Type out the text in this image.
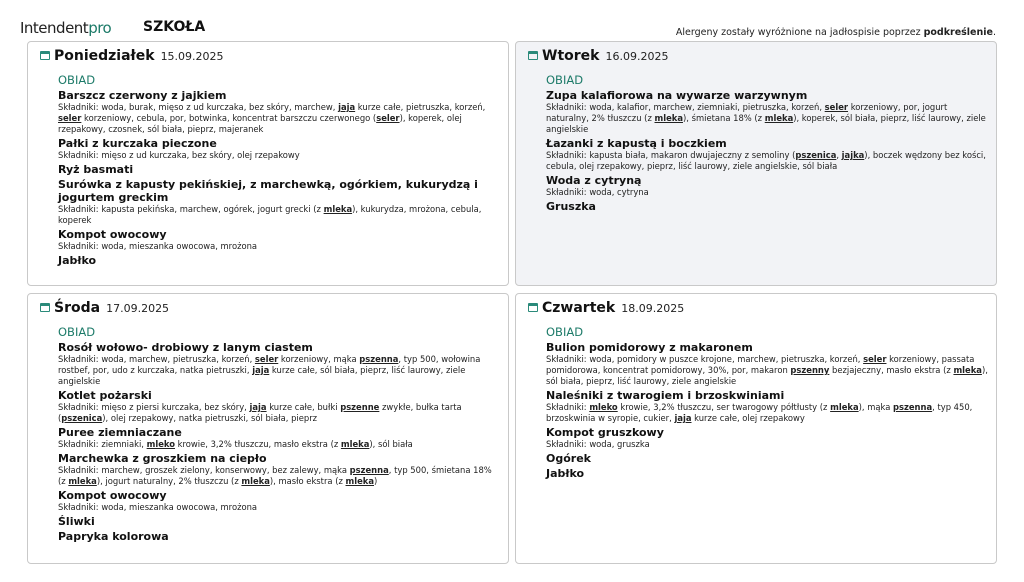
Intendentpro SZKOŁA	Alergeny zostały wyróżnione na jadłospisie poprzez podkreślenie.
Poniedziałek 15.09.2025
OBIAD
Barszcz czerwony z jajkiem
Składniki: woda, burak, mięso z ud kurczaka, bez skóry, marchew, jaja kurze całe, pietruszka, korzeń, seler korzeniowy, cebula, por, botwinka, koncentrat barszczu czerwonego (seler), koperek, olej rzepakowy, czosnek, sól biała, pieprz, majeranek
Pałki z kurczaka pieczone
Składniki: mięso z ud kurczaka, bez skóry, olej rzepakowy
Ryż basmati
Surówka z kapusty pekińskiej, z marchewką, ogórkiem, kukurydzą i jogurtem greckim
Składniki: kapusta pekińska, marchew, ogórek, jogurt grecki (z mleka), kukurydza, mrożona, cebula, koperek
Kompot owocowy
Składniki: woda, mieszanka owocowa, mrożona
Jabłko
Wtorek 16.09.2025
OBIAD
Zupa kalafiorowa na wywarze warzywnym
Składniki: woda, kalafior, marchew, ziemniaki, pietruszka, korzeń, seler korzeniowy, por, jogurt naturalny, 2% tłuszczu (z mleka), śmietana 18% (z mleka), koperek, sól biała, pieprz, liść laurowy, ziele angielskie
Łazanki z kapustą i boczkiem
Składniki: kapusta biała, makaron dwujajeczny z semoliny (pszenica, jajka), boczek wędzony bez kości, cebula, olej rzepakowy, pieprz, liść laurowy, ziele angielskie, sól biała
Woda z cytryną
Składniki: woda, cytryna
Gruszka
Środa 17.09.2025
OBIAD
Rosół wołowo- drobiowy z lanym ciastem
Składniki: woda, marchew, pietruszka, korzeń, seler korzeniowy, mąka pszenna, typ 500, wołowina rostbef, por, udo z kurczaka, natka pietruszki, jaja kurze całe, sól biała, pieprz, liść laurowy, ziele angielskie
Kotlet pożarski
Składniki: mięso z piersi kurczaka, bez skóry, jaja kurze całe, bułki pszenne zwykłe, bułka tarta (pszenica), olej rzepakowy, natka pietruszki, sól biała, pieprz
Puree ziemniaczane
Składniki: ziemniaki, mleko krowie, 3,2% tłuszczu, masło ekstra (z mleka), sól biała
Marchewka z groszkiem na ciepło
Składniki: marchew, groszek zielony, konserwowy, bez zalewy, mąka pszenna, typ 500, śmietana 18% (z mleka), jogurt naturalny, 2% tłuszczu (z mleka), masło ekstra (z mleka)
Kompot owocowy
Składniki: woda, mieszanka owocowa, mrożona
Śliwki
Papryka kolorowa
Czwartek 18.09.2025
OBIAD
Bulion pomidorowy z makaronem
Składniki: woda, pomidory w puszce krojone, marchew, pietruszka, korzeń, seler korzeniowy, passata pomidorowa, koncentrat pomidorowy, 30%, por, makaron pszenny bezjajeczny, masło ekstra (z mleka), sól biała, pieprz, liść laurowy, ziele angielskie
Naleśniki z twarogiem i brzoskwiniami
Składniki: mleko krowie, 3,2% tłuszczu, ser twarogowy półtłusty (z mleka), mąka pszenna, typ 450, brzoskwinia w syropie, cukier, jaja kurze całe, olej rzepakowy
Kompot gruszkowy
Składniki: woda, gruszka
Ogórek
Jabłko
